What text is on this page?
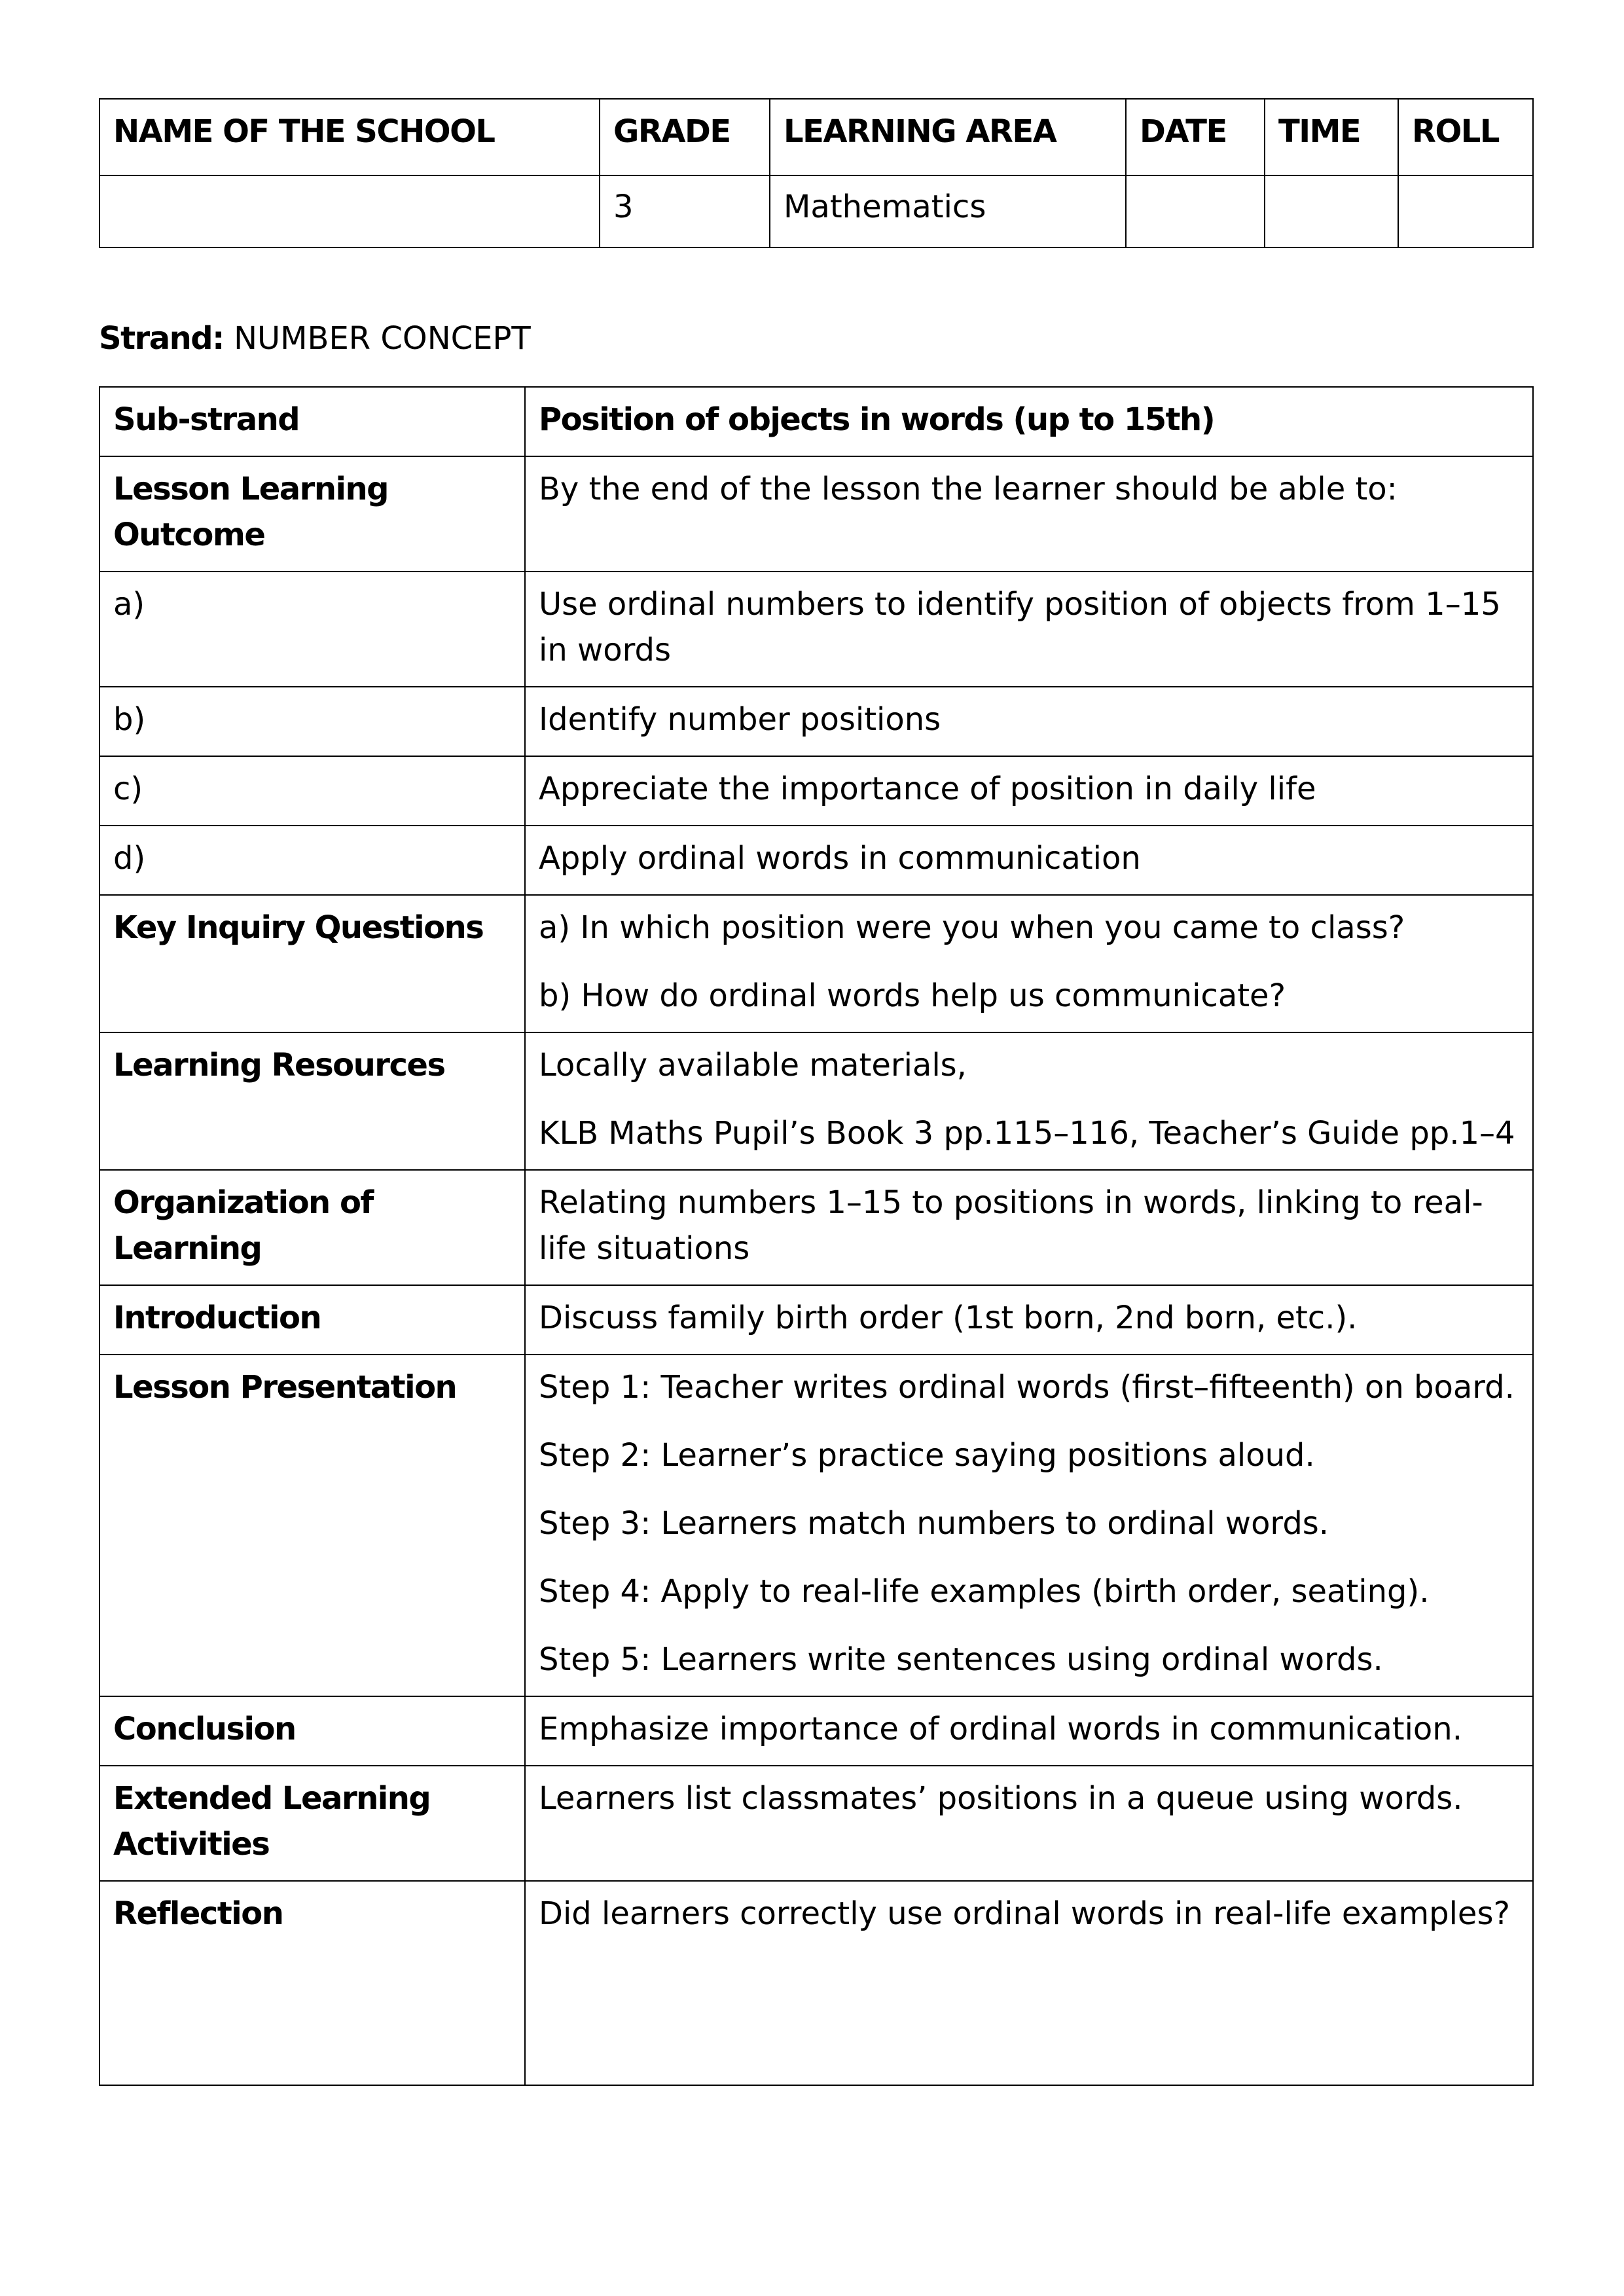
NAME OF THE SCHOOL	GRADE	LEARNING AREA	DATE	TIME	ROLL
	3	Mathematics			

Strand: NUMBER CONCEPT

Sub-strand	Position of objects in words (up to 15th)
Lesson Learning Outcome	By the end of the lesson the learner should be able to:
a)	Use ordinal numbers to identify position of objects from 1–15 in words
b)	Identify number positions
c)	Appreciate the importance of position in daily life
d)	Apply ordinal words in communication
Key Inquiry Questions	a) In which position were you when you came to class?

b) How do ordinal words help us communicate?

Learning Resources	Locally available materials,

KLB Maths Pupil’s Book 3 pp.115–116, Teacher’s Guide pp.1–4

Organization of Learning	Relating numbers 1–15 to positions in words, linking to real-life situations
Introduction	Discuss family birth order (1st born, 2nd born, etc.).
Lesson Presentation	Step 1: Teacher writes ordinal words (first–fifteenth) on board.

Step 2: Learner’s practice saying positions aloud.

Step 3: Learners match numbers to ordinal words.

Step 4: Apply to real-life examples (birth order, seating).

Step 5: Learners write sentences using ordinal words.

Conclusion	Emphasize importance of ordinal words in communication.
Extended Learning Activities	Learners list classmates’ positions in a queue using words.
Reflection	Did learners correctly use ordinal words in real-life examples?
